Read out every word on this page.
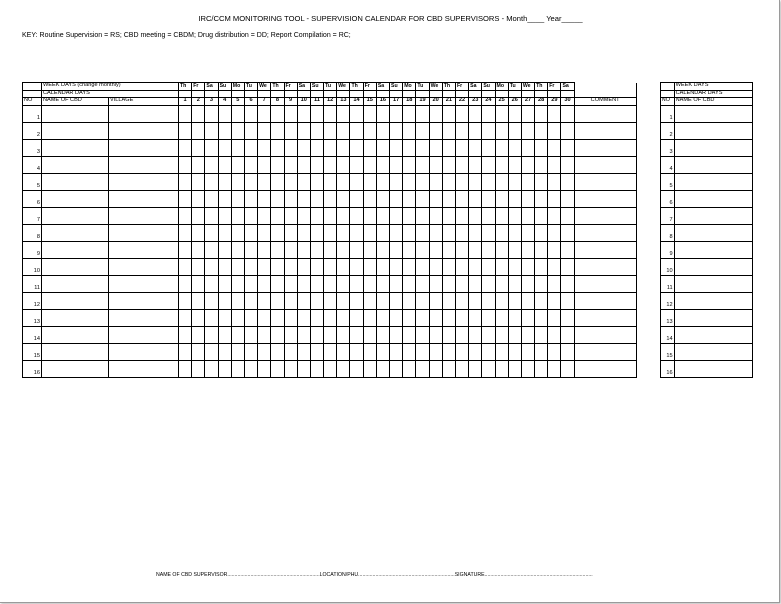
IRC/CCM MONITORING TOOL - SUPERVISION CALENDAR FOR CBD SUPERVISORS - Month____ Year_____
KEY: Routine Supervision = RS; CBD meeting = CBDM; Drug distribution = DD; Report Compilation = RC;
	WEEK DAYS (change monthly)		Th	Fr	Sa	Su	Mo	Tu	We	Th	Fr	Sa	Su	Tu	We	Th	Fr	Sa	Su	Mo	Tu	We	Th	Fr	Sa	Su	Mo	Tu	We	Th	Fr	Sa				WEEK DAYS
	CALENDAR DAYS																																			CALENDAR DAYS
NO	NAME OF CBD	VILLAGE	1	2	3	4	5	6	7	8	9	10	11	12	13	14	15	16	17	18	19	20	21	22	23	24	25	26	27	28	29	30	COMMENT		NO	NAME OF CBD
1																																			1	
2																																			2	
3																																			3	
4																																			4	
5																																			5	
6																																			6	
7																																			7	
8																																			8	
9																																			9	
10																																			10	
11																																			11	
12																																			12	
13																																			13	
14																																			14	
15																																			15	
16																																			16	
NAME OF CBD SUPERVISOR................................................................LOCATION/PHU...................................................................SIGNATURE...........................................................................
